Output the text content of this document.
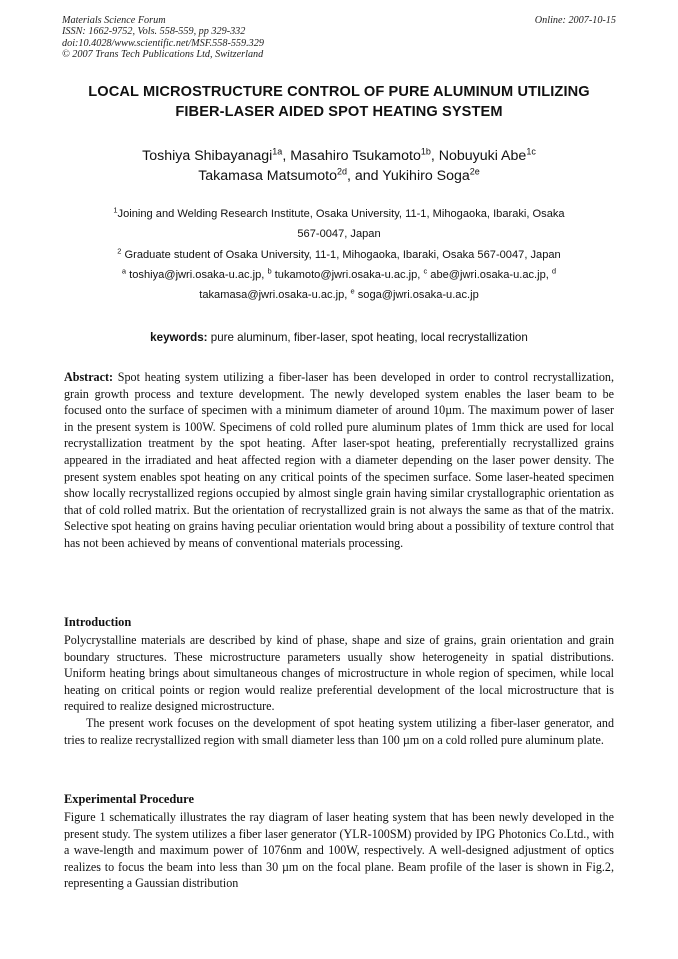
Materials Science Forum
ISSN: 1662-9752, Vols. 558-559, pp 329-332
doi:10.4028/www.scientific.net/MSF.558-559.329
© 2007 Trans Tech Publications Ltd, Switzerland
Online: 2007-10-15
LOCAL MICROSTRUCTURE CONTROL OF PURE ALUMINUM UTILIZING
FIBER-LASER AIDED SPOT HEATING SYSTEM
Toshiya Shibayanagi$^{1a}$, Masahiro Tsukamoto$^{1b}$, Nobuyuki Abe$^{1c}$
Takamasa Matsumoto$^{2d}$, and Yukihiro Soga$^{2e}$
$^1$Joining and Welding Research Institute, Osaka University, 11-1, Mihogaoka, Ibaraki, Osaka
567-0047, Japan
$^2$ Graduate student of Osaka University, 11-1, Mihogaoka, Ibaraki, Osaka 567-0047, Japan
$^a$ toshiya@jwri.osaka-u.ac.jp, $^b$ tukamoto@jwri.osaka-u.ac.jp, $^c$ abe@jwri.osaka-u.ac.jp, $^d$
takamasa@jwri.osaka-u.ac.jp, $^e$ soga@jwri.osaka-u.ac.jp
keywords: pure aluminum, fiber-laser, spot heating, local recrystallization

Abstract: Spot heating system utilizing a fiber-laser has been developed in order to control recrystallization, grain growth process and texture development. The newly developed system enables the laser beam to be focused onto the surface of specimen with a minimum diameter of around 10µm. The maximum power of laser in the present system is 100W. Specimens of cold rolled pure aluminum plates of 1mm thick are used for local recrystallization treatment by the spot heating. After laser-spot heating, preferentially recrystallized grains appeared in the irradiated and heat affected region with a diameter depending on the laser power density. The present system enables spot heating on any critical points of the specimen surface. Some laser-heated specimen show locally recrystallized regions occupied by almost single grain having similar crystallographic orientation as that of cold rolled matrix. But the orientation of recrystallized grain is not always the same as that of the matrix. Selective spot heating on grains having peculiar orientation would bring about a possibility of texture control that has not been achieved by means of conventional materials processing.

Introduction

Polycrystalline materials are described by kind of phase, shape and size of grains, grain orientation and grain boundary structures. These microstructure parameters usually show heterogeneity in spatial distributions. Uniform heating brings about simultaneous changes of microstructure in whole region of specimen, while local heating on critical points or region would realize preferential development of the local microstructure that is required to realize designed microstructure.

The present work focuses on the development of spot heating system utilizing a fiber-laser generator, and tries to realize recrystallized region with small diameter less than 100 µm on a cold rolled pure aluminum plate.

Experimental Procedure

Figure 1 schematically illustrates the ray diagram of laser heating system that has been newly developed in the present study. The system utilizes a fiber laser generator (YLR-100SM) provided by IPG Photonics Co.Ltd., with a wave-length and maximum power of 1076nm and 100W, respectively. A well-designed adjustment of optics realizes to focus the beam into less than 30 µm on the focal plane. Beam profile of the laser is shown in Fig.2, representing a Gaussian distribution
